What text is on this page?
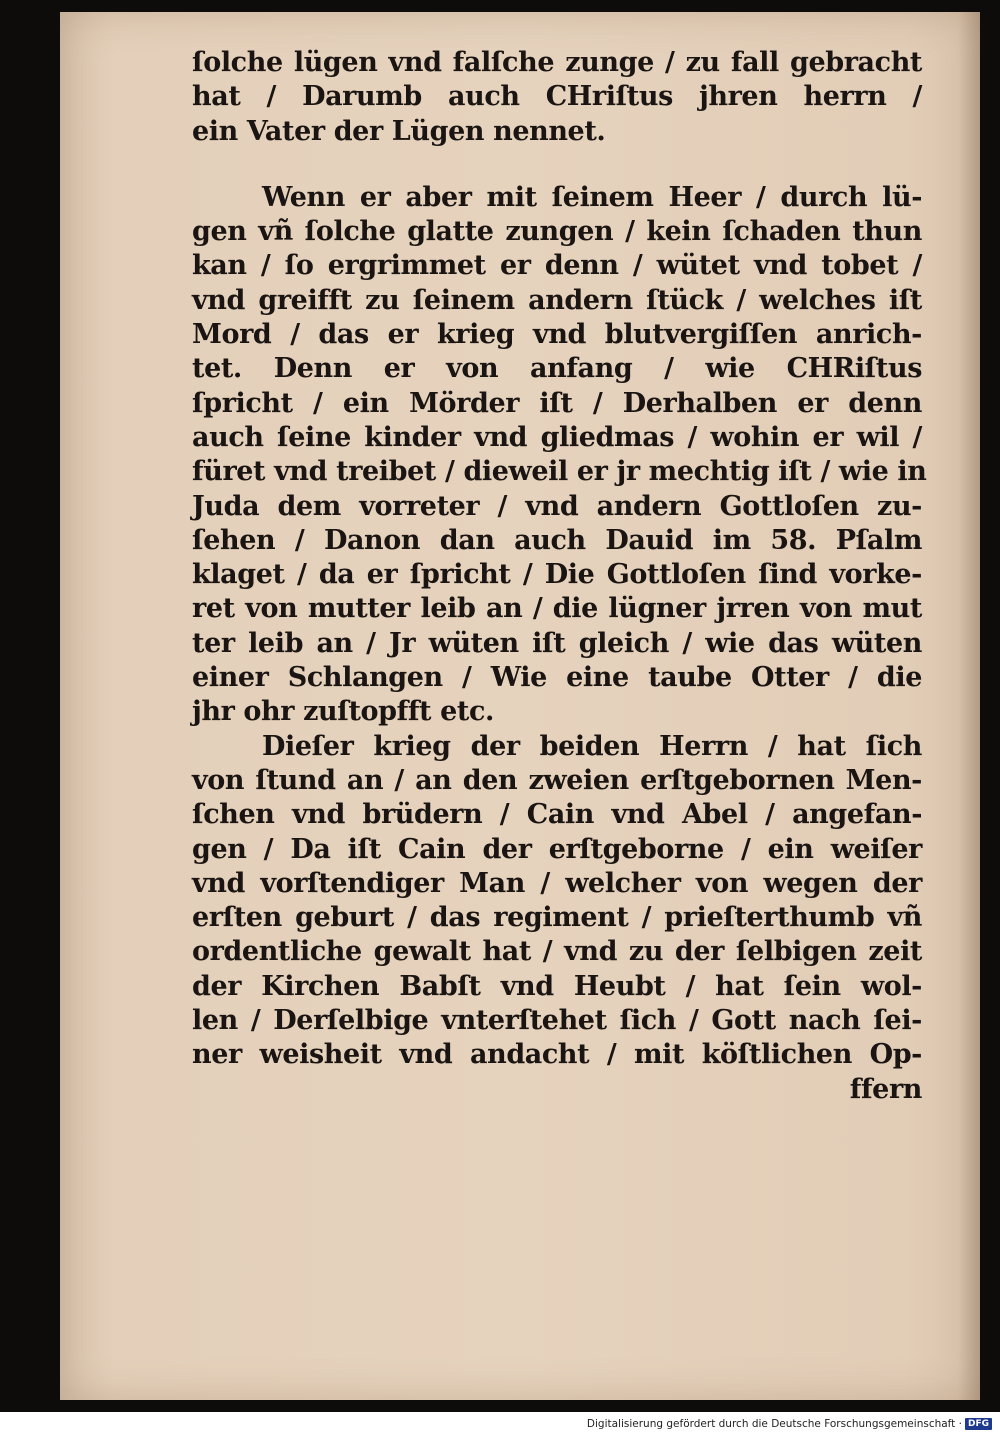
ſolche lügen vnd falſche zunge / zu fall gebracht
hat / Darumb auch CHriſtus jhren herrn /
ein Vater der Lügen nennet.
Wenn er aber mit ſeinem Heer / durch lü-
gen vñ ſolche glatte zungen / kein ſchaden thun
kan / ſo ergrimmet er denn / wütet vnd tobet /
vnd greifft zu ſeinem andern ſtück / welches iſt
Mord / das er krieg vnd blutvergiſſen anrich-
tet. Denn er von anfang / wie CHRiſtus
ſpricht / ein Mörder iſt / Derhalben er denn
auch ſeine kinder vnd gliedmas / wohin er wil /
füret vnd treibet / dieweil er jr mechtig iſt / wie in
Juda dem vorreter / vnd andern Gottloſen zu-
ſehen / Danon dan auch Dauid im 58. Pſalm
klaget / da er ſpricht / Die Gottloſen ſind vorke-
ret von mutter leib an / die lügner jrren von mut
ter leib an / Jr wüten iſt gleich / wie das wüten
einer Schlangen / Wie eine taube Otter / die
jhr ohr zuſtopfft etc.
Dieſer krieg der beiden Herrn / hat ſich
von ſtund an / an den zweien erſtgebornen Men-
ſchen vnd brüdern / Cain vnd Abel / angefan-
gen / Da iſt Cain der erſtgeborne / ein weiſer
vnd vorſtendiger Man / welcher von wegen der
erſten geburt / das regiment / prieſterthumb vñ
ordentliche gewalt hat / vnd zu der ſelbigen zeit
der Kirchen Babſt vnd Heubt / hat ſein wol-
len / Derſelbige vnterſtehet ſich / Gott nach ſei-
ner weisheit vnd andacht / mit köſtlichen Op-
ffern
Digitalisierung gefördert durch die Deutsche Forschungsgemeinschaft · DFG
